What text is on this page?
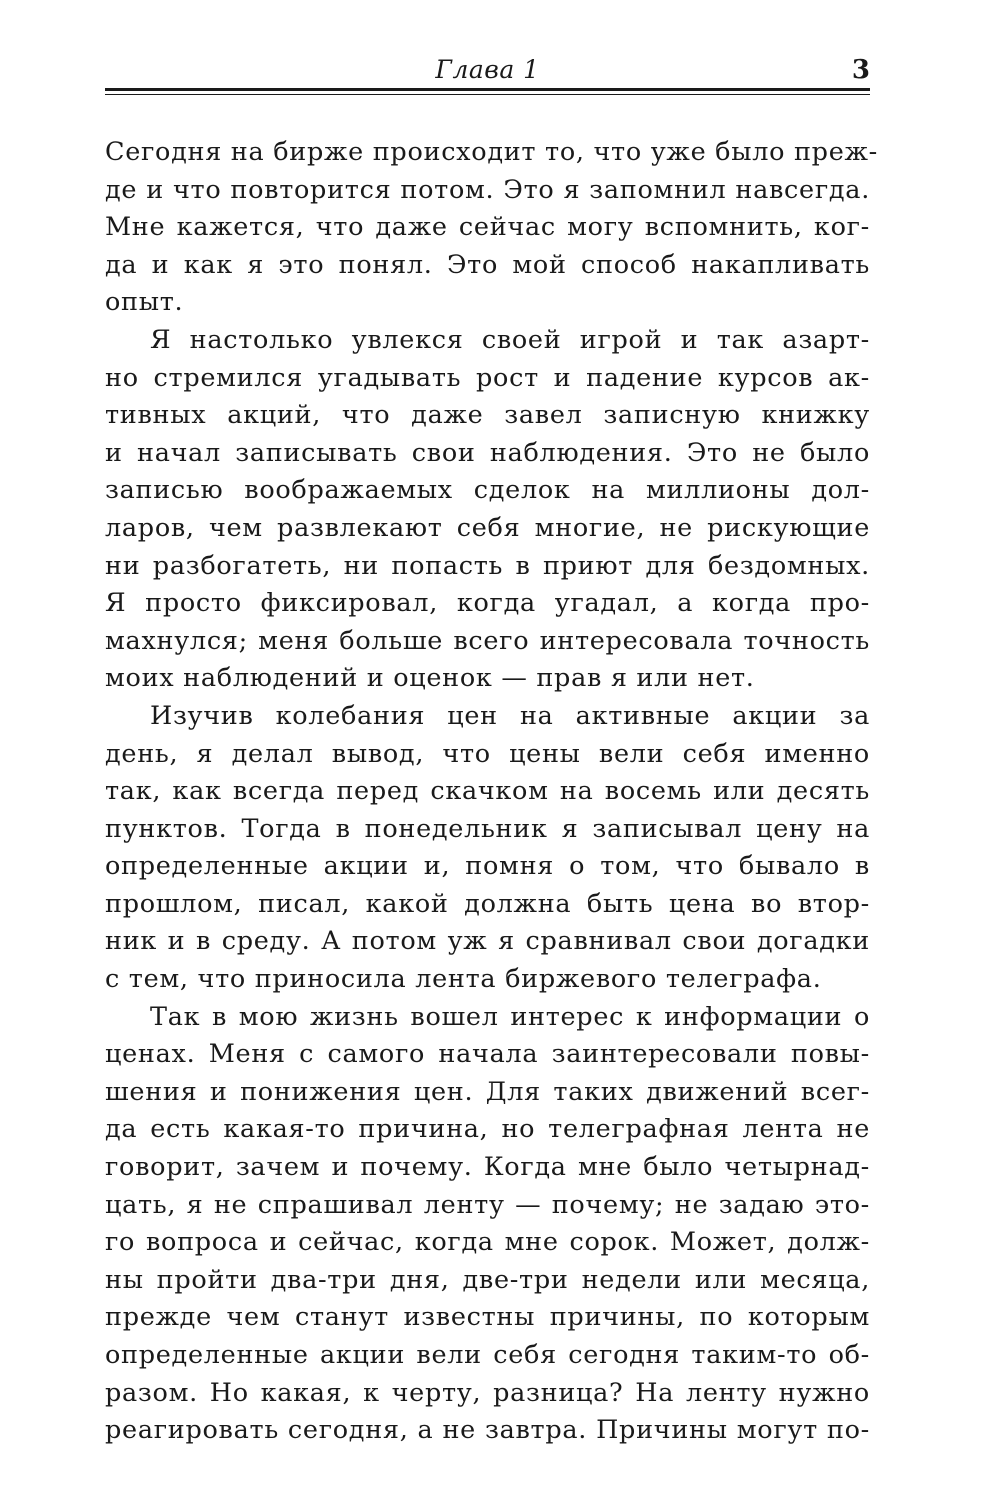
Глава 1	3
Сегодня на бирже происходит то, что уже было преж-
де и что повторится потом. Это я запомнил навсегда.
Мне кажется, что даже сейчас могу вспомнить, ког-
да и как я это понял. Это мой способ накапливать
опыт.
Я настолько увлекся своей игрой и так азарт-
но стремился угадывать рост и падение курсов ак-
тивных акций, что даже завел записную книжку
и начал записывать свои наблюдения. Это не было
записью воображаемых сделок на миллионы дол-
ларов, чем развлекают себя многие, не рискующие
ни разбогатеть, ни попасть в приют для бездомных.
Я просто фиксировал, когда угадал, а когда про-
махнулся; меня больше всего интересовала точность
моих наблюдений и оценок — прав я или нет.
Изучив колебания цен на активные акции за
день, я делал вывод, что цены вели себя именно
так, как всегда перед скачком на восемь или десять
пунктов. Тогда в понедельник я записывал цену на
определенные акции и, помня о том, что бывало в
прошлом, писал, какой должна быть цена во втор-
ник и в среду. А потом уж я сравнивал свои догадки
с тем, что приносила лента биржевого телеграфа.
Так в мою жизнь вошел интерес к информации о
ценах. Меня с самого начала заинтересовали повы-
шения и понижения цен. Для таких движений всег-
да есть какая-то причина, но телеграфная лента не
говорит, зачем и почему. Когда мне было четырнад-
цать, я не спрашивал ленту — почему; не задаю это-
го вопроса и сейчас, когда мне сорок. Может, долж-
ны пройти два-три дня, две-три недели или месяца,
прежде чем станут известны причины, по которым
определенные акции вели себя сегодня таким-то об-
разом. Но какая, к черту, разница? На ленту нужно
реагировать сегодня, а не завтра. Причины могут по-
